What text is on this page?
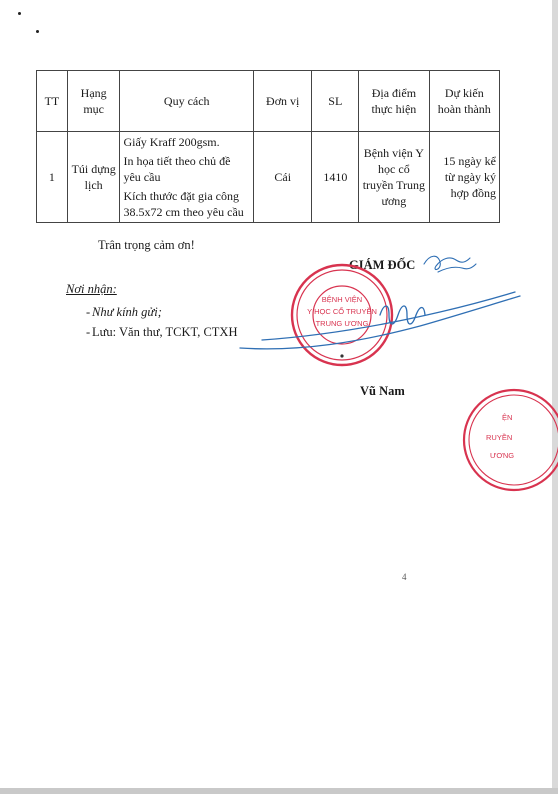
TT	Hạng mục	Quy cách	Đơn vị	SL	Địa điểm thực hiện	Dự kiến hoàn thành
1	Túi dựng lịch	Giấy Kraff 200gsm.
In họa tiết theo chủ đề yêu cầu
Kích thước đặt gia công 38.5x72 cm theo yêu cầu	Cái	1410	Bệnh viện Y học cổ truyền Trung ương	15 ngày kể từ ngày ký hợp đồng
Trân trọng cảm ơn!
Nơi nhận:
- Như kính gửi;
- Lưu: Văn thư, TCKT, CTXH
GIÁM ĐỐC
Vũ Nam
4
BỆNH VIỆN
Y HỌC CỔ TRUYỀN
TRUNG ƯƠNG
ỆN
RUYỀN
ƯƠNG
